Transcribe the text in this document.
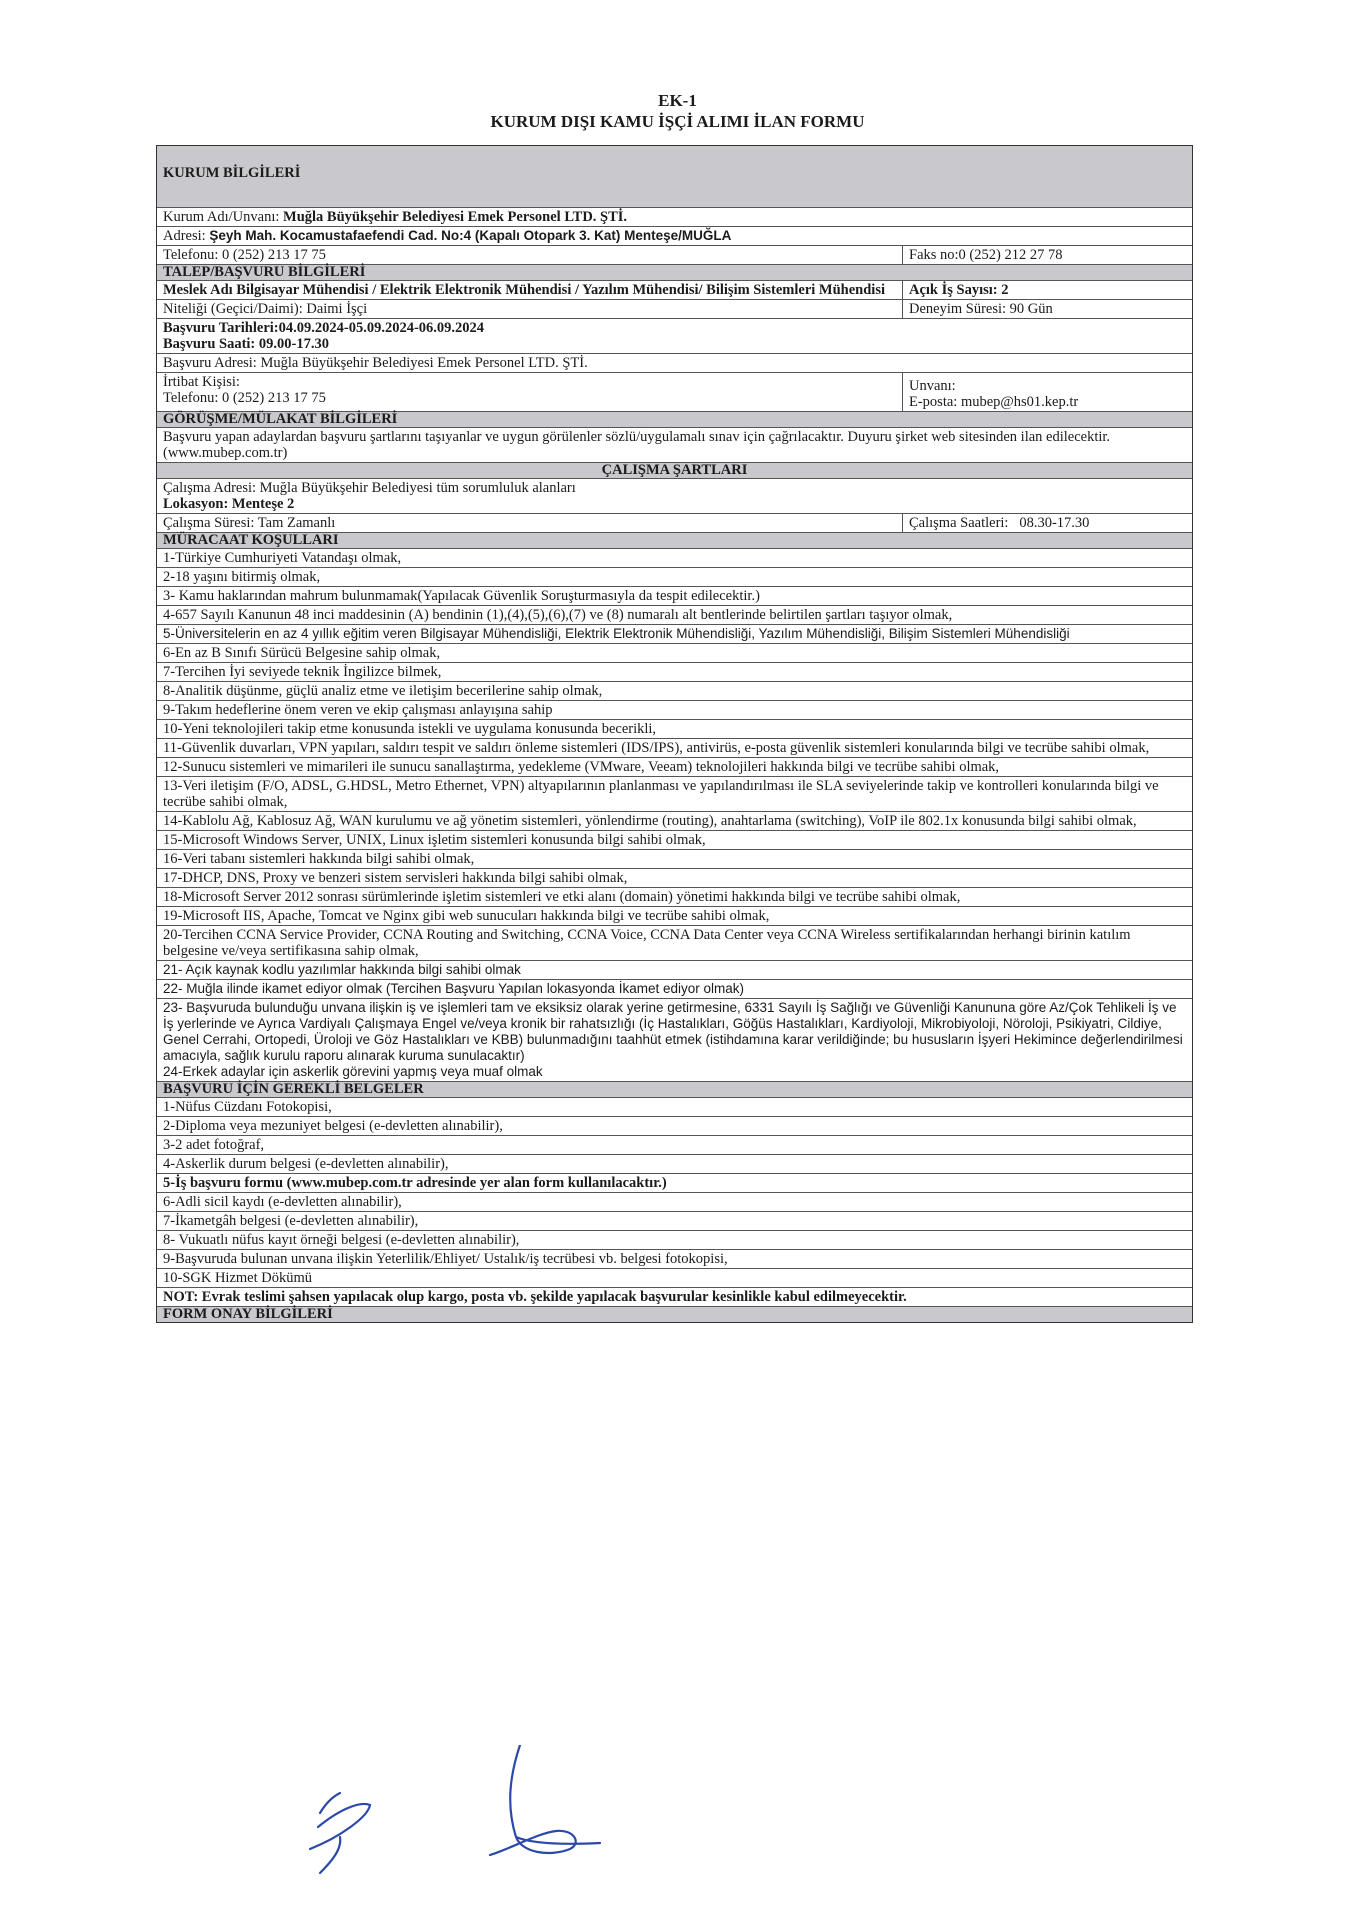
EK-1
KURUM DIŞI KAMU İŞÇİ ALIMI İLAN FORMU
KURUM BİLGİLERİ
Kurum Adı/Unvanı: Muğla Büyükşehir Belediyesi Emek Personel LTD. ŞTİ.
Adresi: Şeyh Mah. Kocamustafaefendi Cad. No:4 (Kapalı Otopark 3. Kat) Menteşe/MUĞLA
Telefonu: 0 (252) 213 17 75	Faks no:0 (252) 212 27 78
TALEP/BAŞVURU BİLGİLERİ
Meslek Adı Bilgisayar Mühendisi / Elektrik Elektronik Mühendisi / Yazılım Mühendisi/ Bilişim Sistemleri Mühendisi	Açık İş Sayısı: 2
Niteliği (Geçici/Daimi): Daimi İşçi	Deneyim Süresi: 90 Gün
Başvuru Tarihleri:04.09.2024-05.09.2024-06.09.2024
Başvuru Saati: 09.00-17.30
Başvuru Adresi: Muğla Büyükşehir Belediyesi Emek Personel LTD. ŞTİ.
İrtibat Kişisi:
Telefonu: 0 (252) 213 17 75
Unvanı:
E-posta: mubep@hs01.kep.tr
GÖRÜŞME/MÜLAKAT BİLGİLERİ
Başvuru yapan adaylardan başvuru şartlarını taşıyanlar ve uygun görülenler sözlü/uygulamalı sınav için çağrılacaktır. Duyuru şirket web sitesinden ilan edilecektir.(www.mubep.com.tr)
ÇALIŞMA ŞARTLARI
Çalışma Adresi: Muğla Büyükşehir Belediyesi tüm sorumluluk alanları
Lokasyon: Menteşe 2
Çalışma Süresi: Tam Zamanlı	Çalışma Saatleri:   08.30-17.30
MÜRACAAT KOŞULLARI
1-Türkiye Cumhuriyeti Vatandaşı olmak,
2-18 yaşını bitirmiş olmak,
3- Kamu haklarından mahrum bulunmamak(Yapılacak Güvenlik Soruşturmasıyla da tespit edilecektir.)
4-657 Sayılı Kanunun 48 inci maddesinin (A) bendinin (1),(4),(5),(6),(7) ve (8) numaralı alt bentlerinde belirtilen şartları taşıyor olmak,
5-Üniversitelerin en az 4 yıllık eğitim veren Bilgisayar Mühendisliği, Elektrik Elektronik Mühendisliği, Yazılım Mühendisliği, Bilişim Sistemleri Mühendisliği
6-En az B Sınıfı Sürücü Belgesine sahip olmak,
7-Tercihen İyi seviyede teknik İngilizce bilmek,
8-Analitik düşünme, güçlü analiz etme ve iletişim becerilerine sahip olmak,
9-Takım hedeflerine önem veren ve ekip çalışması anlayışına sahip
10-Yeni teknolojileri takip etme konusunda istekli ve uygulama konusunda becerikli,
11-Güvenlik duvarları, VPN yapıları, saldırı tespit ve saldırı önleme sistemleri (IDS/IPS), antivirüs, e-posta güvenlik sistemleri konularında bilgi ve tecrübe sahibi olmak,
12-Sunucu sistemleri ve mimarileri ile sunucu sanallaştırma, yedekleme (VMware, Veeam) teknolojileri hakkında bilgi ve tecrübe sahibi olmak,
13-Veri iletişim (F/O, ADSL, G.HDSL, Metro Ethernet, VPN) altyapılarının planlanması ve yapılandırılması ile SLA seviyelerinde takip ve kontrolleri konularında bilgi ve tecrübe sahibi olmak,
14-Kablolu Ağ, Kablosuz Ağ, WAN kurulumu ve ağ yönetim sistemleri, yönlendirme (routing), anahtarlama (switching), VoIP ile 802.1x konusunda bilgi sahibi olmak,
15-Microsoft Windows Server, UNIX, Linux işletim sistemleri konusunda bilgi sahibi olmak,
16-Veri tabanı sistemleri hakkında bilgi sahibi olmak,
17-DHCP, DNS, Proxy ve benzeri sistem servisleri hakkında bilgi sahibi olmak,
18-Microsoft Server 2012 sonrası sürümlerinde işletim sistemleri ve etki alanı (domain) yönetimi hakkında bilgi ve tecrübe sahibi olmak,
19-Microsoft IIS, Apache, Tomcat ve Nginx gibi web sunucuları hakkında bilgi ve tecrübe sahibi olmak,
20-Tercihen CCNA Service Provider, CCNA Routing and Switching, CCNA Voice, CCNA Data Center veya CCNA Wireless sertifikalarından herhangi birinin katılım belgesine ve/veya sertifikasına sahip olmak,
21- Açık kaynak kodlu yazılımlar hakkında bilgi sahibi olmak
22- Muğla ilinde ikamet ediyor olmak (Tercihen Başvuru Yapılan lokasyonda İkamet ediyor olmak)
23- Başvuruda bulunduğu unvana ilişkin iş ve işlemleri tam ve eksiksiz olarak yerine getirmesine, 6331 Sayılı İş Sağlığı ve Güvenliği Kanununa göre Az/Çok Tehlikeli İş ve İş yerlerinde ve Ayrıca Vardiyalı Çalışmaya Engel ve/veya kronik bir rahatsızlığı (İç Hastalıkları, Göğüs Hastalıkları, Kardiyoloji, Mikrobiyoloji, Nöroloji, Psikiyatri, Cildiye, Genel Cerrahi, Ortopedi, Üroloji ve Göz Hastalıkları ve KBB) bulunmadığını taahhüt etmek (istihdamına karar verildiğinde; bu hususların İşyeri Hekimince değerlendirilmesi amacıyla, sağlık kurulu raporu alınarak kuruma sunulacaktır)
24-Erkek adaylar için askerlik görevini yapmış veya muaf olmak
BAŞVURU İÇİN GEREKLİ BELGELER
1-Nüfus Cüzdanı Fotokopisi,
2-Diploma veya mezuniyet belgesi (e-devletten alınabilir),
3-2 adet fotoğraf,
4-Askerlik durum belgesi (e-devletten alınabilir),
5-İş başvuru formu (www.mubep.com.tr adresinde yer alan form kullanılacaktır.)
6-Adli sicil kaydı (e-devletten alınabilir),
7-İkametgâh belgesi (e-devletten alınabilir),
8- Vukuatlı nüfus kayıt örneği belgesi (e-devletten alınabilir),
9-Başvuruda bulunan unvana ilişkin Yeterlilik/Ehliyet/ Ustalık/iş tecrübesi vb. belgesi fotokopisi,
10-SGK Hizmet Dökümü
NOT: Evrak teslimi şahsen yapılacak olup kargo, posta vb. şekilde yapılacak başvurular kesinlikle kabul edilmeyecektir.
FORM ONAY BİLGİLERİ
